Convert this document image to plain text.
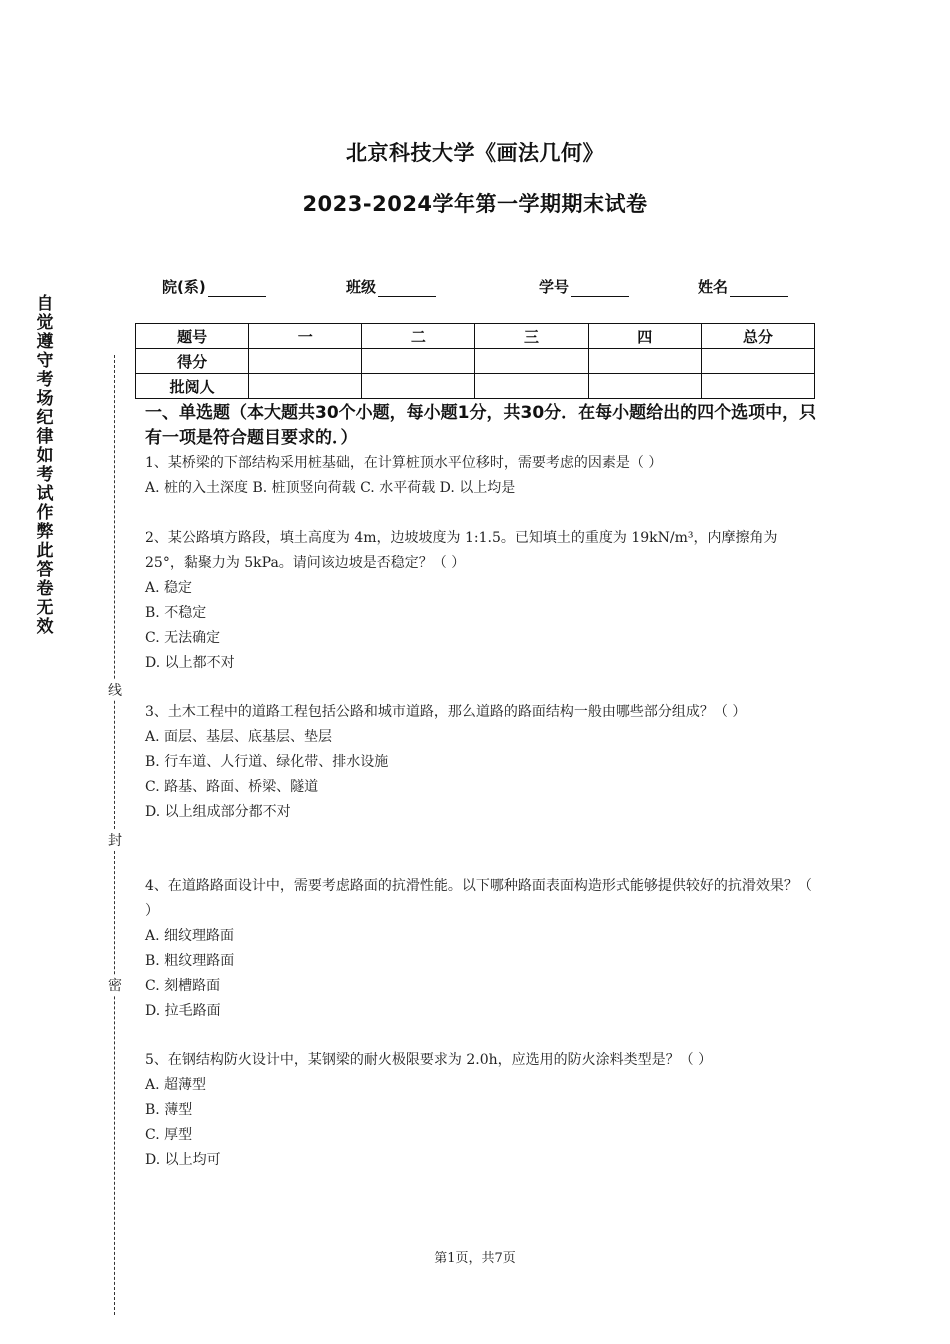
北京科技大学《画法几何》
2023-2024学年第一学期期末试卷
院(系)	班级	学号	姓名
题号	一	二	三	四	总分
得分					
批阅人					
自觉遵守考场纪律如考试作弊此答卷无效
线
封
密
一、单选题（本大题共30个小题，每小题1分，共30分．在每小题给出的四个选项中，只有一项是符合题目要求的．）
1、某桥梁的下部结构采用桩基础，在计算桩顶水平位移时，需要考虑的因素是（ ）
A. 桩的入土深度 B. 桩顶竖向荷载 C. 水平荷载 D. 以上均是
2、某公路填方路段，填土高度为 4m，边坡坡度为 1:1.5。已知填土的重度为 19kN/m³，内摩擦角为 25°，黏聚力为 5kPa。请问该边坡是否稳定？（ ）
A. 稳定
B. 不稳定
C. 无法确定
D. 以上都不对
3、土木工程中的道路工程包括公路和城市道路，那么道路的路面结构一般由哪些部分组成？（ ）
A. 面层、基层、底基层、垫层
B. 行车道、人行道、绿化带、排水设施
C. 路基、路面、桥梁、隧道
D. 以上组成部分都不对
4、在道路路面设计中，需要考虑路面的抗滑性能。以下哪种路面表面构造形式能够提供较好的抗滑效果？（ ）
A. 细纹理路面
B. 粗纹理路面
C. 刻槽路面
D. 拉毛路面
5、在钢结构防火设计中，某钢梁的耐火极限要求为 2.0h，应选用的防火涂料类型是？（ ）
A. 超薄型
B. 薄型
C. 厚型
D. 以上均可
第1页，共7页
